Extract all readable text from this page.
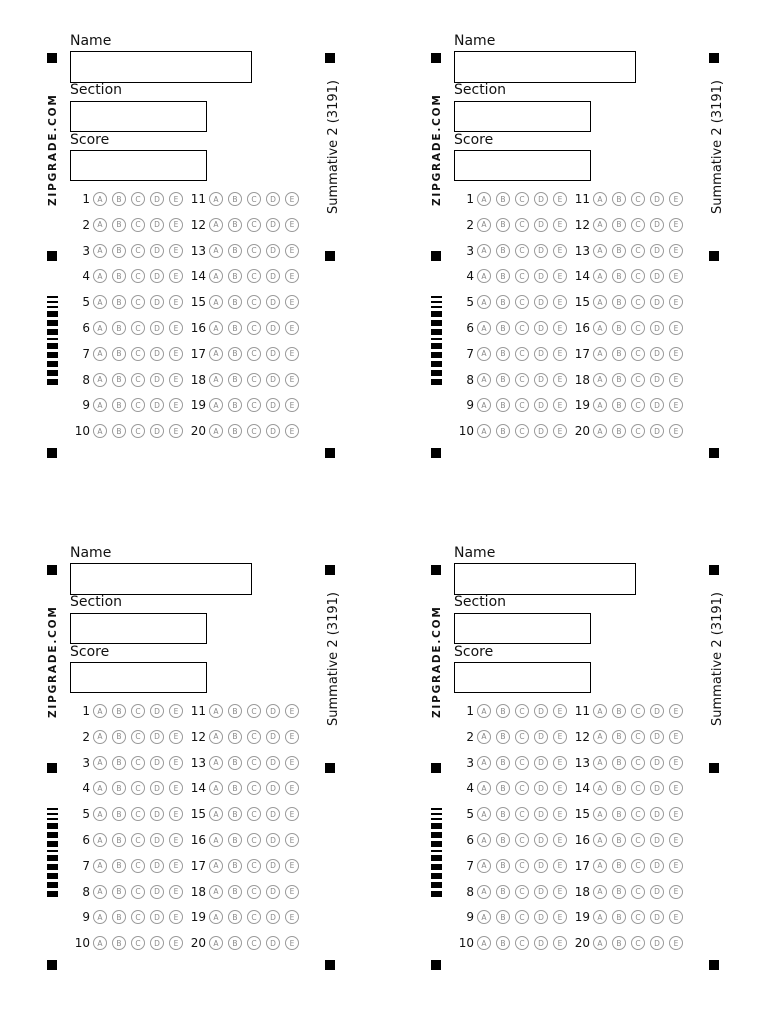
Name
Section
Score
ZIPGRADE.COM	Summative 2 (3191)
1 A	B	C	D	E
2 A	B	C	D	E
3 A	B	C	D	E
4 A	B	C	D	E
5 A	B	C	D	E
6 A	B	C	D	E
7 A	B	C	D	E
8 A	B	C	D	E
9 A	B	C	D	E
10 A	B	C	D	E
11 A	B	C	D	E
12 A	B	C	D	E
13 A	B	C	D	E
14 A	B	C	D	E
15 A	B	C	D	E
16 A	B	C	D	E
17 A	B	C	D	E
18 A	B	C	D	E
19 A	B	C	D	E
20 A	B	C	D	E
Name
Section
Score
ZIPGRADE.COM	Summative 2 (3191)
1 A	B	C	D	E
2 A	B	C	D	E
3 A	B	C	D	E
4 A	B	C	D	E
5 A	B	C	D	E
6 A	B	C	D	E
7 A	B	C	D	E
8 A	B	C	D	E
9 A	B	C	D	E
10 A	B	C	D	E
11 A	B	C	D	E
12 A	B	C	D	E
13 A	B	C	D	E
14 A	B	C	D	E
15 A	B	C	D	E
16 A	B	C	D	E
17 A	B	C	D	E
18 A	B	C	D	E
19 A	B	C	D	E
20 A	B	C	D	E
Name
Section
Score
ZIPGRADE.COM	Summative 2 (3191)
1 A	B	C	D	E
2 A	B	C	D	E
3 A	B	C	D	E
4 A	B	C	D	E
5 A	B	C	D	E
6 A	B	C	D	E
7 A	B	C	D	E
8 A	B	C	D	E
9 A	B	C	D	E
10 A	B	C	D	E
11 A	B	C	D	E
12 A	B	C	D	E
13 A	B	C	D	E
14 A	B	C	D	E
15 A	B	C	D	E
16 A	B	C	D	E
17 A	B	C	D	E
18 A	B	C	D	E
19 A	B	C	D	E
20 A	B	C	D	E
Name
Section
Score
ZIPGRADE.COM	Summative 2 (3191)
1 A	B	C	D	E
2 A	B	C	D	E
3 A	B	C	D	E
4 A	B	C	D	E
5 A	B	C	D	E
6 A	B	C	D	E
7 A	B	C	D	E
8 A	B	C	D	E
9 A	B	C	D	E
10 A	B	C	D	E
11 A	B	C	D	E
12 A	B	C	D	E
13 A	B	C	D	E
14 A	B	C	D	E
15 A	B	C	D	E
16 A	B	C	D	E
17 A	B	C	D	E
18 A	B	C	D	E
19 A	B	C	D	E
20 A	B	C	D	E
